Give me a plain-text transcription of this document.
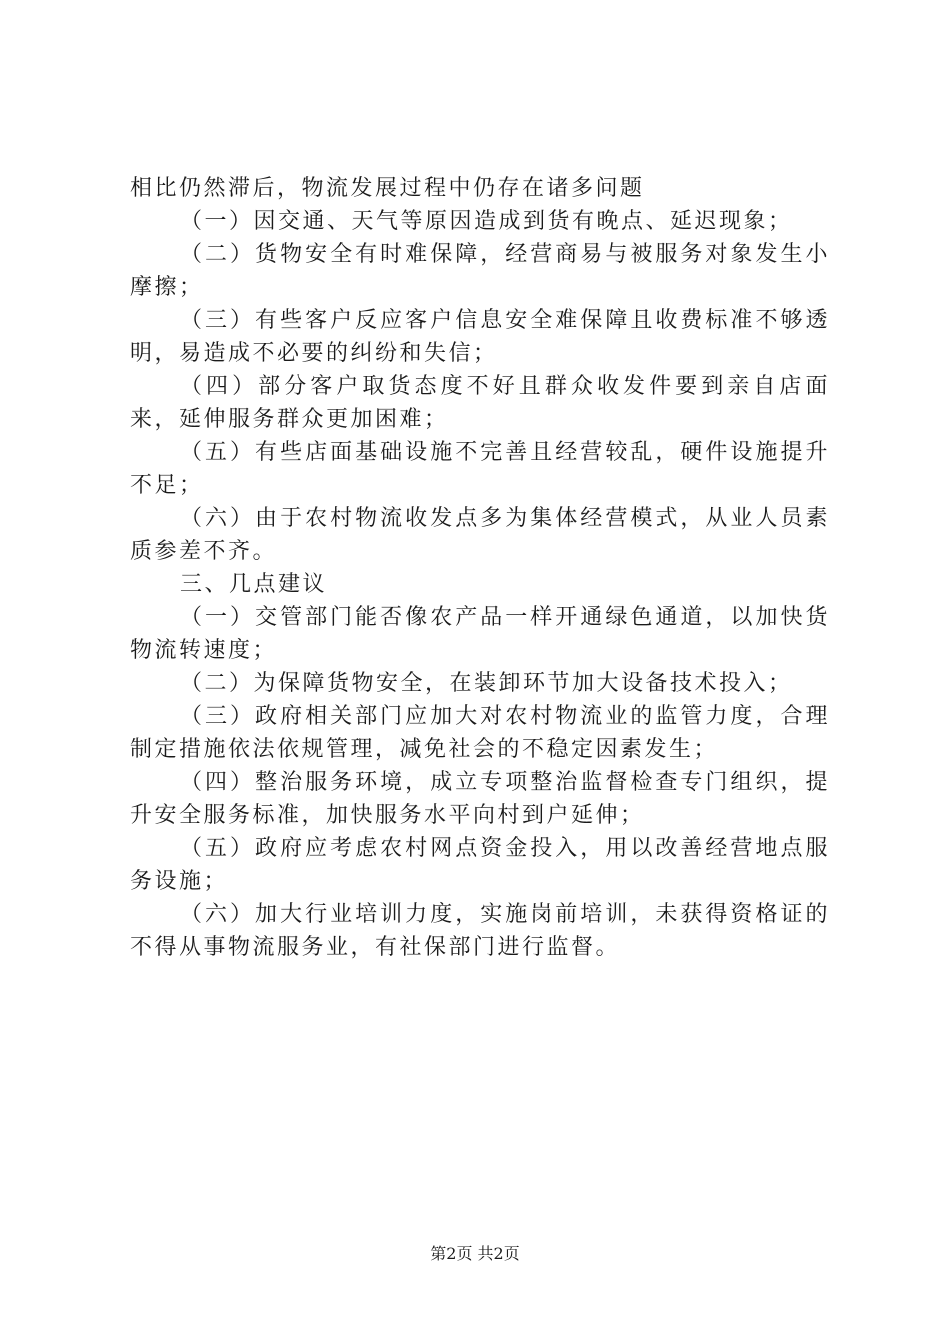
相比仍然滞后，物流发展过程中仍存在诸多问题

（一）因交通、天气等原因造成到货有晚点、延迟现象；

（二）货物安全有时难保障，经营商易与被服务对象发生小摩擦；

（三）有些客户反应客户信息安全难保障且收费标准不够透明，易造成不必要的纠纷和失信；

（四）部分客户取货态度不好且群众收发件要到亲自店面来，延伸服务群众更加困难；

（五）有些店面基础设施不完善且经营较乱，硬件设施提升不足；

（六）由于农村物流收发点多为集体经营模式，从业人员素质参差不齐。

三、几点建议

（一）交管部门能否像农产品一样开通绿色通道，以加快货物流转速度；

（二）为保障货物安全，在装卸环节加大设备技术投入；

（三）政府相关部门应加大对农村物流业的监管力度，合理制定措施依法依规管理，减免社会的不稳定因素发生；

（四）整治服务环境，成立专项整治监督检查专门组织，提升安全服务标准，加快服务水平向村到户延伸；

（五）政府应考虑农村网点资金投入，用以改善经营地点服务设施；

（六）加大行业培训力度，实施岗前培训，未获得资格证的不得从事物流服务业，有社保部门进行监督。

第2页 共2页
